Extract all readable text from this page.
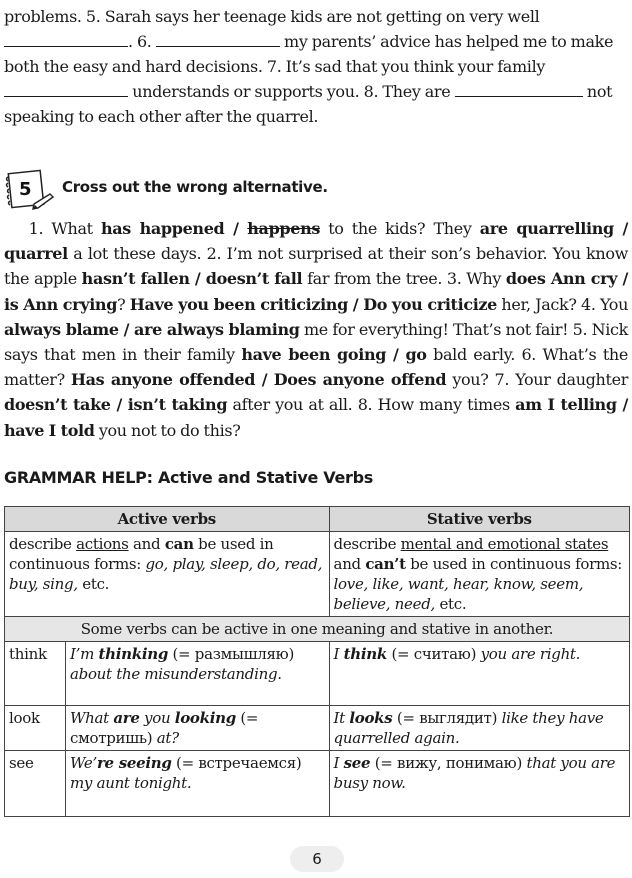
problems. 5. Sarah says her teenage kids are not getting on very well
. 6.	my parents’ advice has helped me to make
both the easy and hard decisions. 7. It’s sad that you think your family
understands or supports you. 8. They are	not
speaking to each other after the quarrel.
5 Cross out the wrong alternative.
1. What has happened / happens to the kids? They are quarrelling / quarrel a lot these days. 2. I’m not surprised at their son’s behavior. You know the apple hasn’t fallen / doesn’t fall far from the tree. 3. Why does Ann cry / is Ann crying? Have you been criticizing / Do you criticize her, Jack? 4. You always blame / are always blaming me for everything! That’s not fair! 5. Nick says that men in their family have been going / go bald early. 6. What’s the matter? Has anyone offended / Does anyone offend you? 7. Your daughter doesn’t take / isn’t taking after you at all. 8. How many times am I telling / have I told you not to do this?
GRAMMAR HELP: Active and Stative Verbs
Active verbs		Stative verbs
describe actions and can be used in continuous forms: go, play, sleep, do, read, buy, sing, etc.		describe mental and emotional states and can’t be used in continuous forms: love, like, want, hear, know, seem, believe, need, etc.
Some verbs can be active in one meaning and stative in another.		
think	I’m thinking (= размышляю) about the misunderstanding.	I think (= считаю) you are right.
look	What are you looking (= смотришь) at?	It looks (= выглядит) like they have quarrelled again.
see	We’re seeing (= встречаемся) my aunt tonight.	I see (= вижу, понимаю) that you are busy now.
6
